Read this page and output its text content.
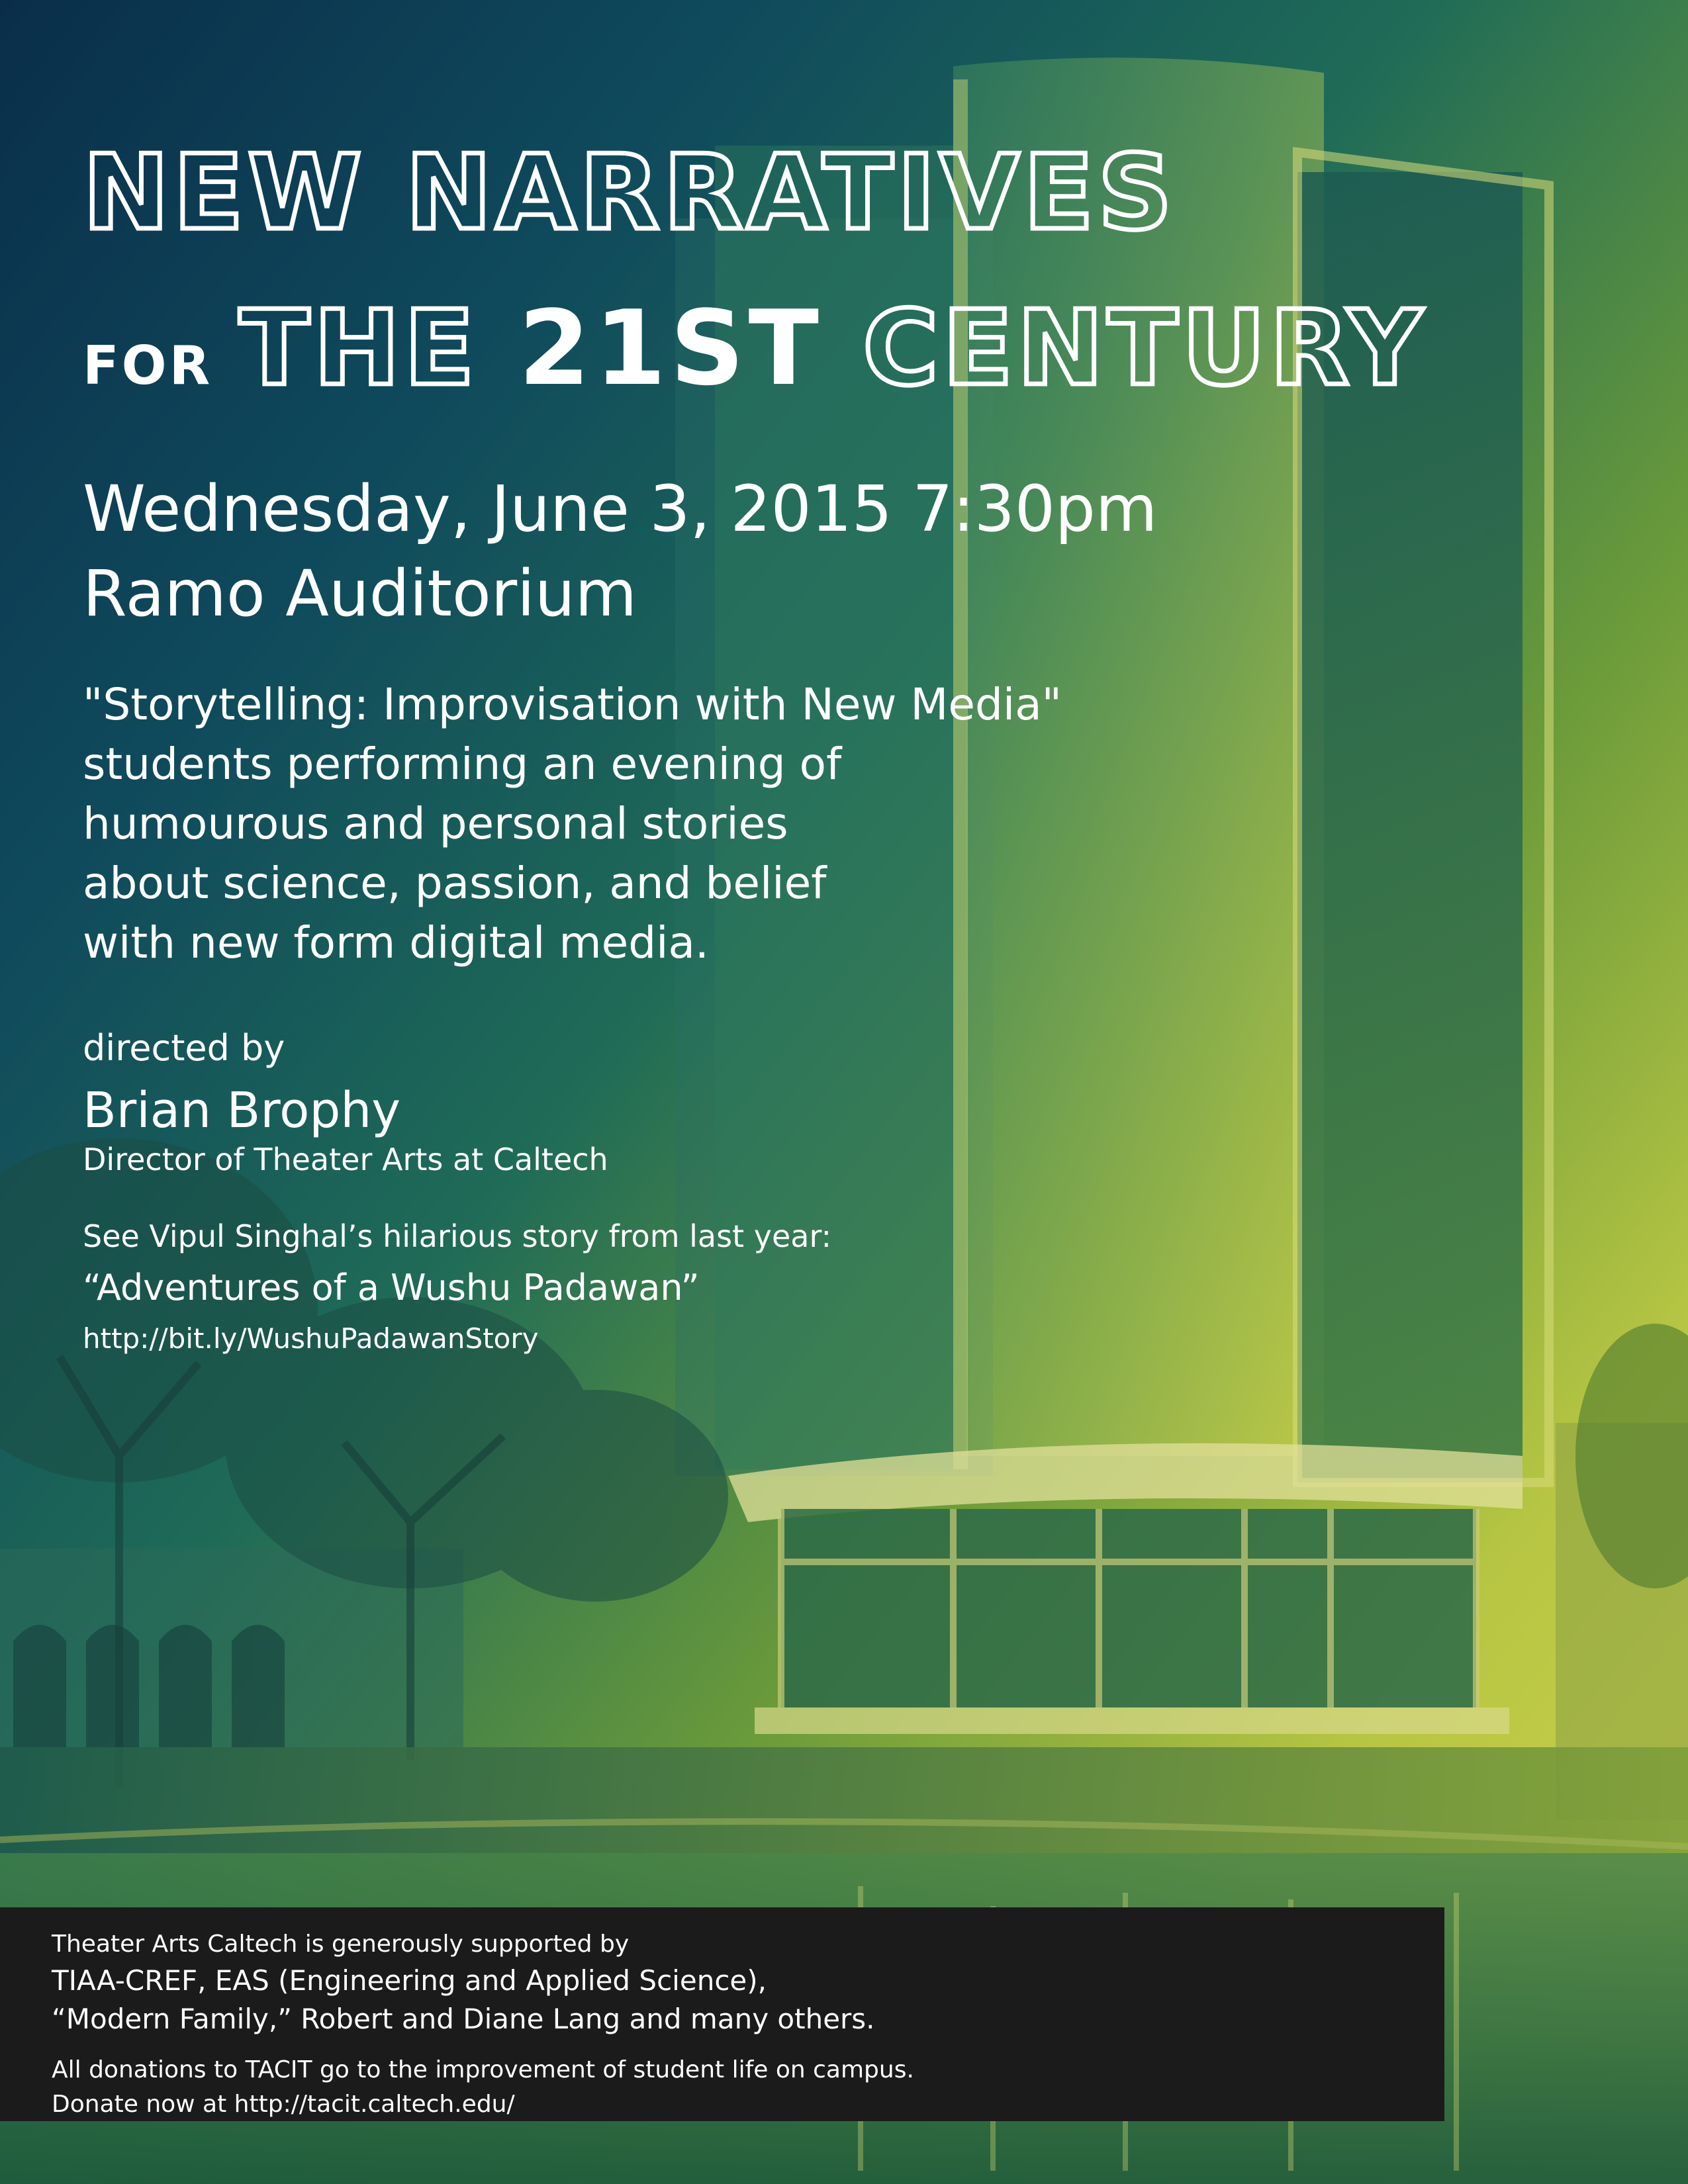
NEW NARRATIVES
FOR THE 21ST CENTURY
Wednesday, June 3, 2015 7:30pm
Ramo Auditorium
"Storytelling: Improvisation with New Media"
students performing an evening of
humourous and personal stories
about science, passion, and belief
with new form digital media.
directed by
Brian Brophy
Director of Theater Arts at Caltech
See Vipul Singhal’s hilarious story from last year:
“Adventures of a Wushu Padawan”
http://bit.ly/WushuPadawanStory
Theater Arts Caltech is generously supported by
TIAA-CREF, EAS (Engineering and Applied Science),
“Modern Family,” Robert and Diane Lang and many others.
All donations to TACIT go to the improvement of student life on campus.
Donate now at http://tacit.caltech.edu/
